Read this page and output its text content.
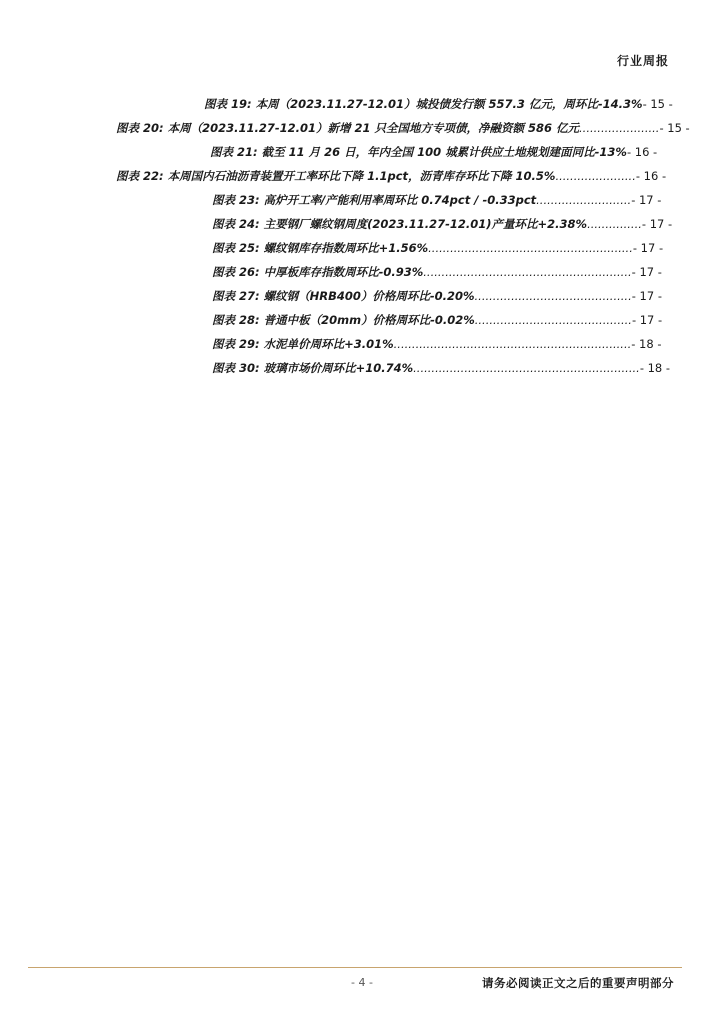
行业周报
图表 19: 本周（2023.11.27-12.01）城投债发行额 557.3 亿元，周环比-14.3%- 15 -
图表 20: 本周（2023.11.27-12.01）新增 21 只全国地方专项债，净融资额 586 亿元......................- 15 -
图表 21: 截至 11 月 26 日，年内全国 100 城累计供应土地规划建面同比-13%- 16 -
图表 22: 本周国内石油沥青装置开工率环比下降 1.1pct，沥青库存环比下降 10.5%......................- 16 -
图表 23: 高炉开工率/产能利用率周环比 0.74pct / -0.33pct..........................- 17 -
图表 24: 主要钢厂螺纹钢周度(2023.11.27-12.01)产量环比+2.38%...............- 17 -
图表 25: 螺纹钢库存指数周环比+1.56%........................................................- 17 -
图表 26: 中厚板库存指数周环比-0.93%.........................................................- 17 -
图表 27: 螺纹钢（HRB400）价格周环比-0.20%...........................................- 17 -
图表 28: 普通中板（20mm）价格周环比-0.02%...........................................- 17 -
图表 29: 水泥单价周环比+3.01%.................................................................- 18 -
图表 30: 玻璃市场价周环比+10.74%..............................................................- 18 -
- 4 -	请务必阅读正文之后的重要声明部分
